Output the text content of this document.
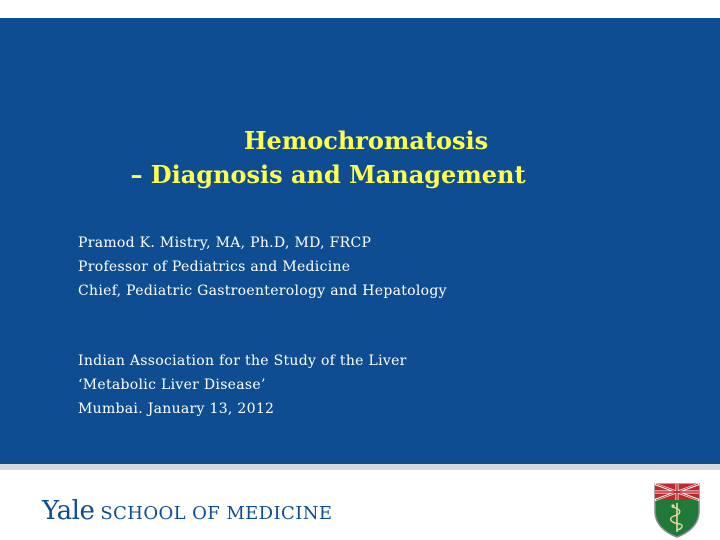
Hemochromatosis
– Diagnosis and Management
Pramod K. Mistry, MA, Ph.D, MD, FRCP
Professor of Pediatrics and Medicine
Chief, Pediatric Gastroenterology and Hepatology
Indian Association for the Study of the Liver
‘Metabolic Liver Disease’
Mumbai. January 13, 2012
Yale SCHOOL OF MEDICINE
